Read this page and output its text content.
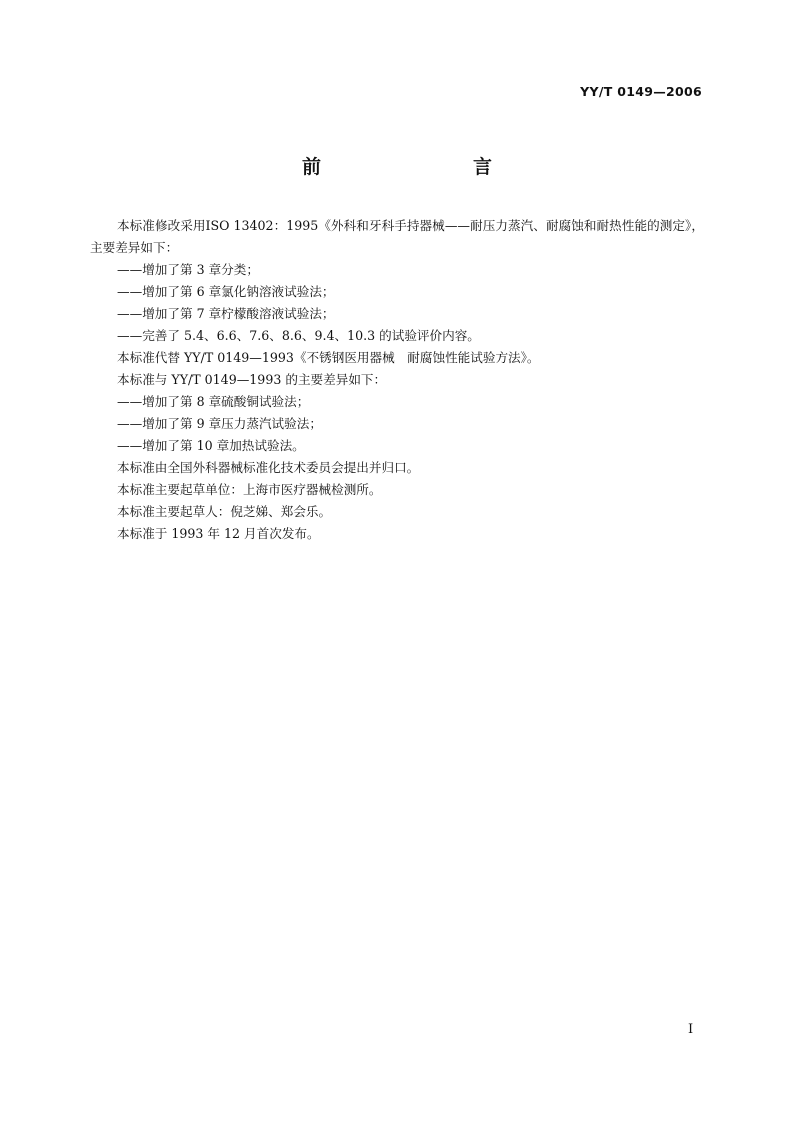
YY/T 0149—2006
前　　言

本标准修改采用ISO 13402：1995《外科和牙科手持器械——耐压力蒸汽、耐腐蚀和耐热性能的测定》，主要差异如下：

——增加了第 3 章分类；

——增加了第 6 章氯化钠溶液试验法；

——增加了第 7 章柠檬酸溶液试验法；

——完善了 5.4、6.6、7.6、8.6、9.4、10.3 的试验评价内容。

本标准代替 YY/T 0149—1993《不锈钢医用器械　耐腐蚀性能试验方法》。

本标准与 YY/T 0149—1993 的主要差异如下：

——增加了第 8 章硫酸铜试验法；

——增加了第 9 章压力蒸汽试验法；

——增加了第 10 章加热试验法。

本标准由全国外科器械标准化技术委员会提出并归口。

本标准主要起草单位：上海市医疗器械检测所。

本标准主要起草人：倪芝娣、郑会乐。

本标准于 1993 年 12 月首次发布。

I
